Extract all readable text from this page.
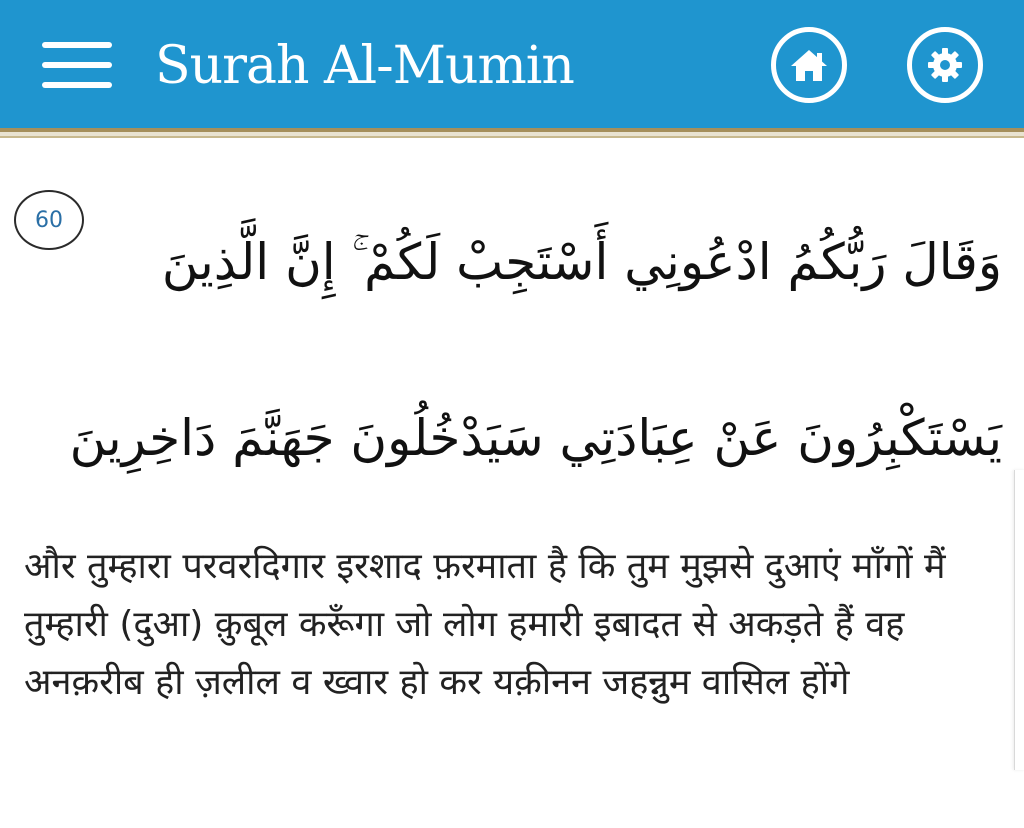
Surah Al-Mumin
60
وَقَالَ رَبُّكُمُ ادْعُونِي أَسْتَجِبْ لَكُمْ ۚ إِنَّ الَّذِينَ
يَسْتَكْبِرُونَ عَنْ عِبَادَتِي سَيَدْخُلُونَ جَهَنَّمَ دَاخِرِينَ
और तुम्हारा परवरदिगार इरशाद फ़रमाता है कि तुम मुझसे दुआएं माँगों मैं तुम्हारी (दुआ) क़ुबूल करूँगा जो लोग हमारी इबादत से अकड़ते हैं वह अनक़रीब ही ज़लील व ख्वार हो कर यक़ीनन जहन्नुम वासिल होंगे
